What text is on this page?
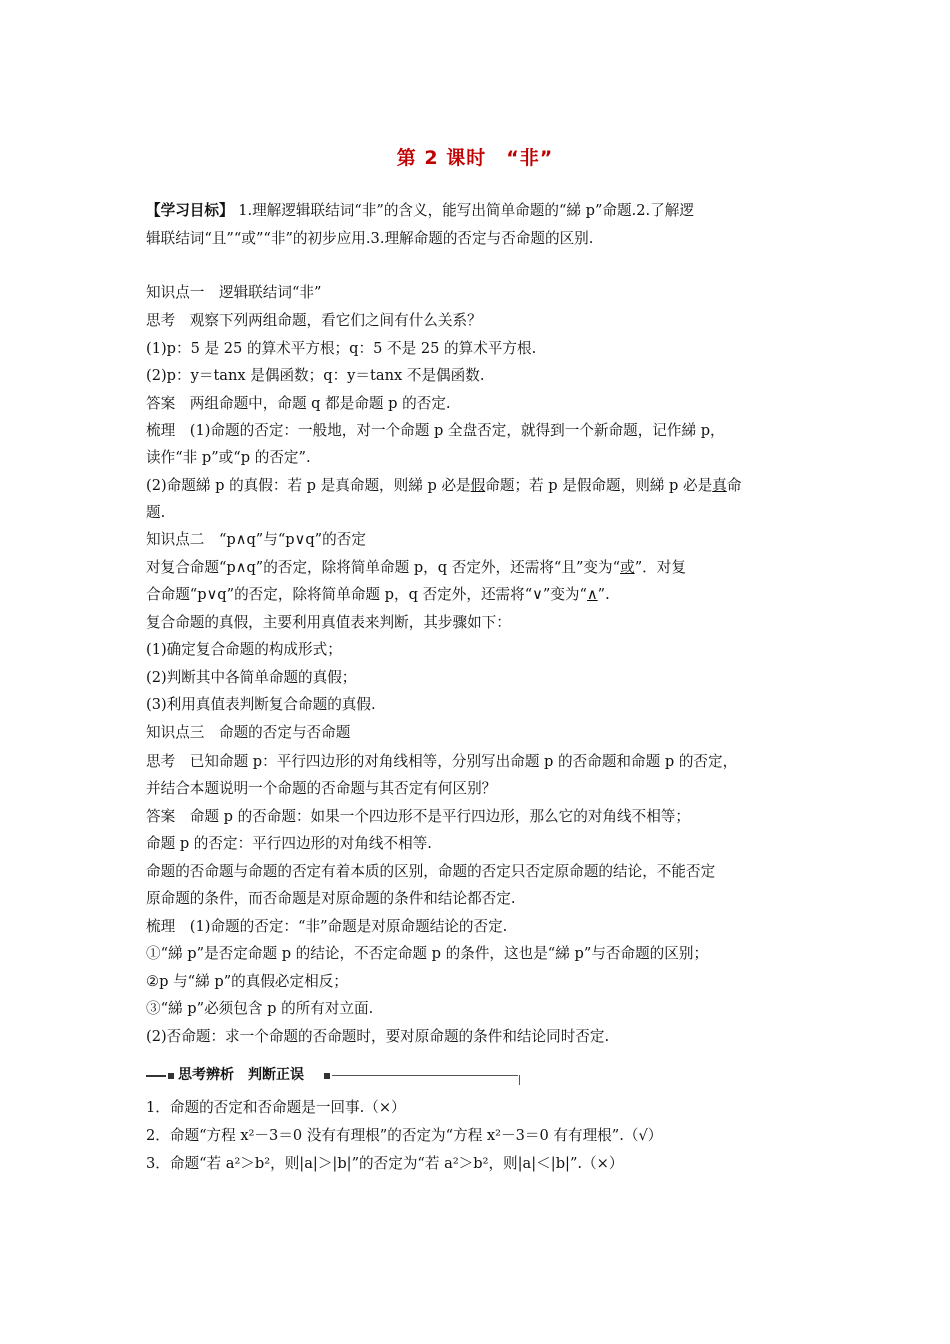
第 2 课时　“非”
【学习目标】 1.理解逻辑联结词“非”的含义，能写出简单命题的“綈 p”命题.2.了解逻
辑联结词“且”“或”“非”的初步应用.3.理解命题的否定与否命题的区别.
知识点一　逻辑联结词“非”
思考　观察下列两组命题，看它们之间有什么关系？
(1)p：5 是 25 的算术平方根；q：5 不是 25 的算术平方根.
(2)p：y＝tanx 是偶函数；q：y＝tanx 不是偶函数.
答案　两组命题中，命题 q 都是命题 p 的否定.
梳理　(1)命题的否定：一般地，对一个命题 p 全盘否定，就得到一个新命题，记作綈 p，
读作“非 p”或“p 的否定”.
(2)命题綈 p 的真假：若 p 是真命题，则綈 p 必是假命题；若 p 是假命题，则綈 p 必是真命
题.
知识点二　“p∧q”与“p∨q”的否定
对复合命题“p∧q”的否定，除将简单命题 p，q 否定外，还需将“且”变为“或”．对复
合命题“p∨q”的否定，除将简单命题 p，q 否定外，还需将“∨”变为“∧”.
复合命题的真假，主要利用真值表来判断，其步骤如下：
(1)确定复合命题的构成形式；
(2)判断其中各简单命题的真假；
(3)利用真值表判断复合命题的真假.
知识点三　命题的否定与否命题
思考　已知命题 p：平行四边形的对角线相等，分别写出命题 p 的否命题和命题 p 的否定，
并结合本题说明一个命题的否命题与其否定有何区别？
答案　命题 p 的否命题：如果一个四边形不是平行四边形，那么它的对角线不相等；
命题 p 的否定：平行四边形的对角线不相等.
命题的否命题与命题的否定有着本质的区别，命题的否定只否定原命题的结论，不能否定
原命题的条件，而否命题是对原命题的条件和结论都否定.
梳理　(1)命题的否定：“非”命题是对原命题结论的否定.
①“綈 p”是否定命题 p 的结论，不否定命题 p 的条件，这也是“綈 p”与否命题的区别；
②p 与“綈 p”的真假必定相反；
③“綈 p”必须包含 p 的所有对立面.
(2)否命题：求一个命题的否命题时，要对原命题的条件和结论同时否定.
思考辨析　判断正误
1．命题的否定和否命题是一回事.（×）
2．命题“方程 x²－3＝0 没有有理根”的否定为“方程 x²－3＝0 有有理根”.（√）
3．命题“若 a²＞b²，则|a|＞|b|”的否定为“若 a²＞b²，则|a|＜|b|”.（×）
